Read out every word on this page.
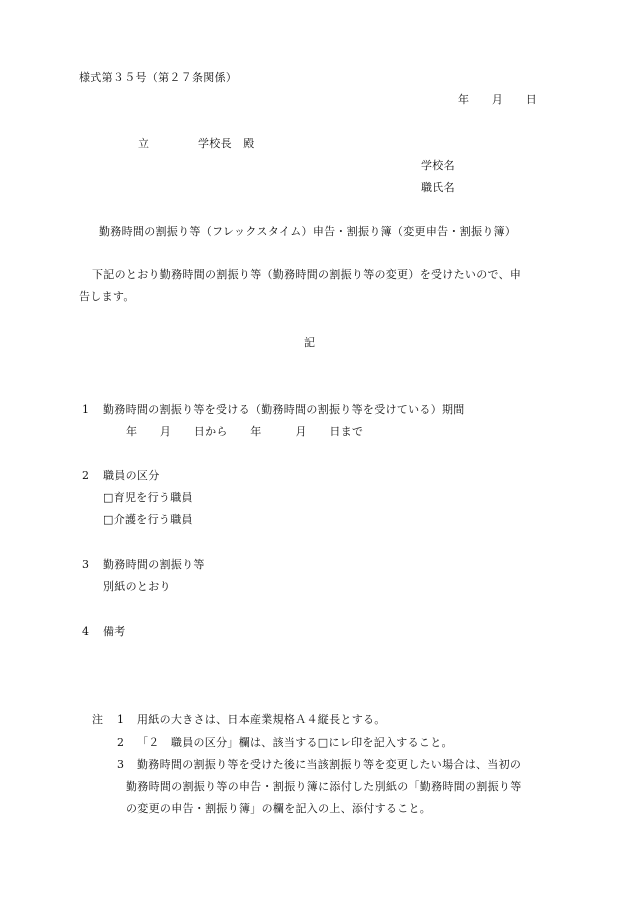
様式第３５号（第２７条関係）
年　　月　　日
立	学校長　殿
学校名
職氏名
勤務時間の割振り等（フレックスタイム）申告・割振り簿（変更申告・割振り簿）
下記のとおり勤務時間の割振り等（勤務時間の割振り等の変更）を受けたいので、申
告します。
記
1 勤務時間の割振り等を受ける（勤務時間の割振り等を受けている）期間
年　　月　　日から　　年　　　月　　日まで
2 職員の区分
□育児を行う職員
□介護を行う職員
3 勤務時間の割振り等
別紙のとおり
4 備考
注 1 用紙の大きさは、日本産業規格Ａ４縦長とする。
2 「２　職員の区分」欄は、該当する□にレ印を記入すること。
3 勤務時間の割振り等を受けた後に当該割振り等を変更したい場合は、当初の
勤務時間の割振り等の申告・割振り簿に添付した別紙の「勤務時間の割振り等
の変更の申告・割振り簿」の欄を記入の上、添付すること。
